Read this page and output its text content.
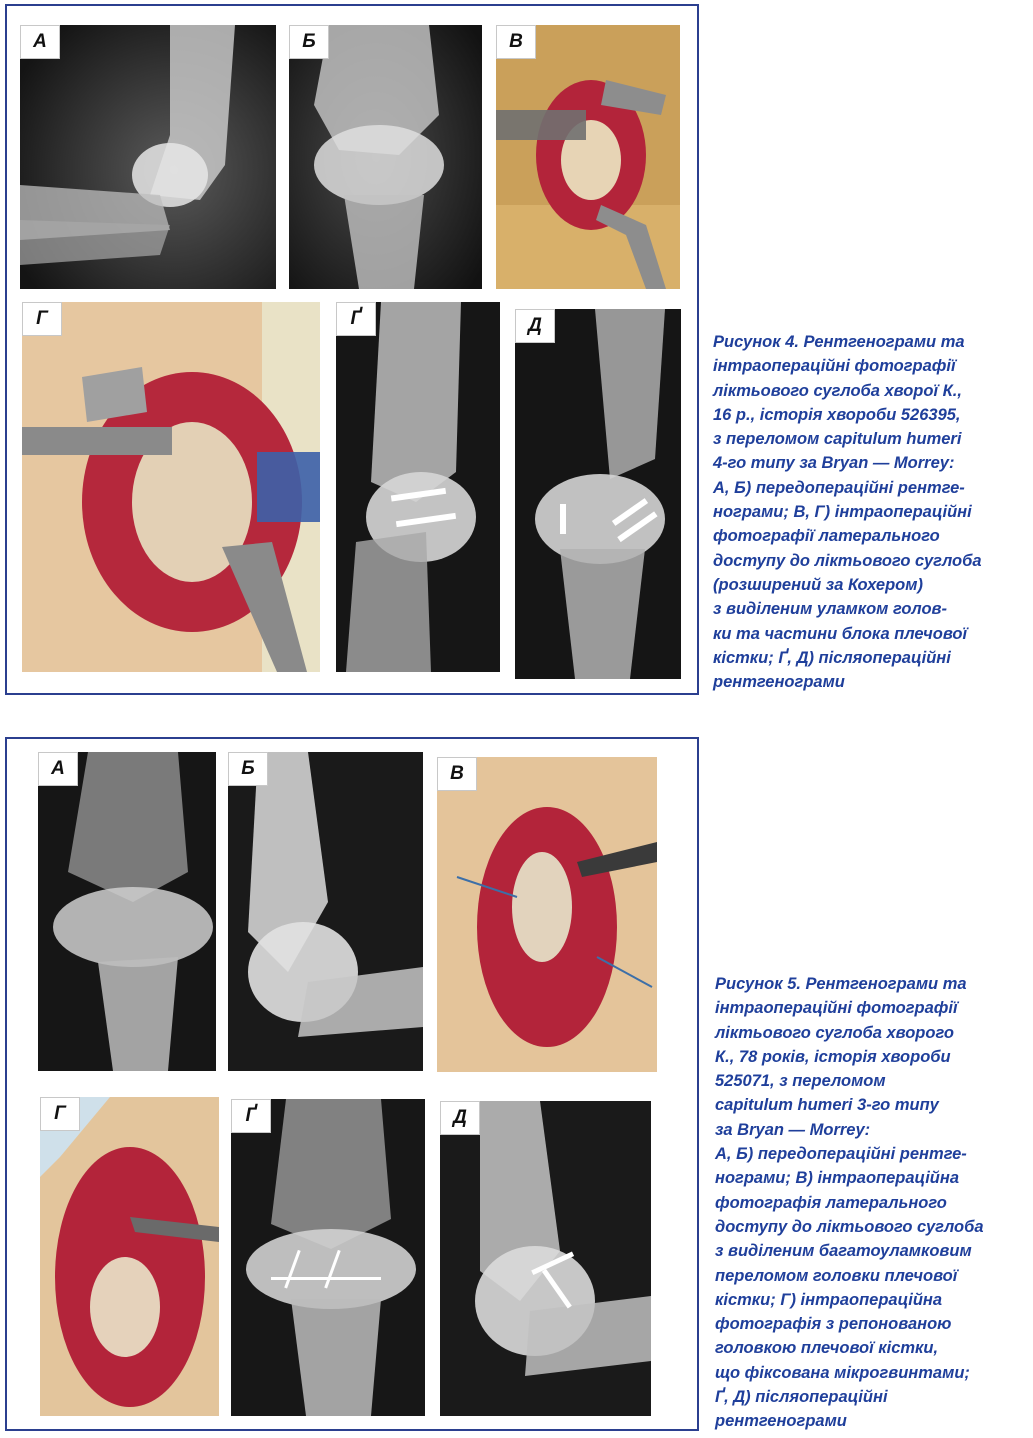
А	Б	В
Г	Ґ	Д
Рисунок 4. Рентгенограми та
інтраопераційні фотографії
ліктьового суглоба хворої К.,
16 р., історія хвороби 526395,
з переломом capitulum humeri
4-го типу за Bryan — Morrey:
А, Б) передопераційні рентге-
нограми; В, Г) інтраопераційні
фотографії латерального
доступу до ліктьового суглоба
(розширений за Кохером)
з виділеним уламком голов-
ки та частини блока плечової
кістки; Ґ, Д) післяопераційні
рентгенограми
А	Б	В
Г	Ґ	Д
Рисунок 5. Рентгенограми та
інтраопераційні фотографії
ліктьового суглоба хворого
К., 78 років, історія хвороби
525071, з переломом
capitulum humeri 3-го типу
за Bryan — Morrey:
А, Б) передопераційні рентге-
нограми; В) інтраопераційна
фотографія латерального
доступу до ліктьового суглоба
з виділеним багатоуламковим
переломом головки плечової
кістки; Г) інтраопераційна
фотографія з репонованою
головкою плечової кістки,
що фіксована мікрогвинтами;
Ґ, Д) післяопераційні
рентгенограми
